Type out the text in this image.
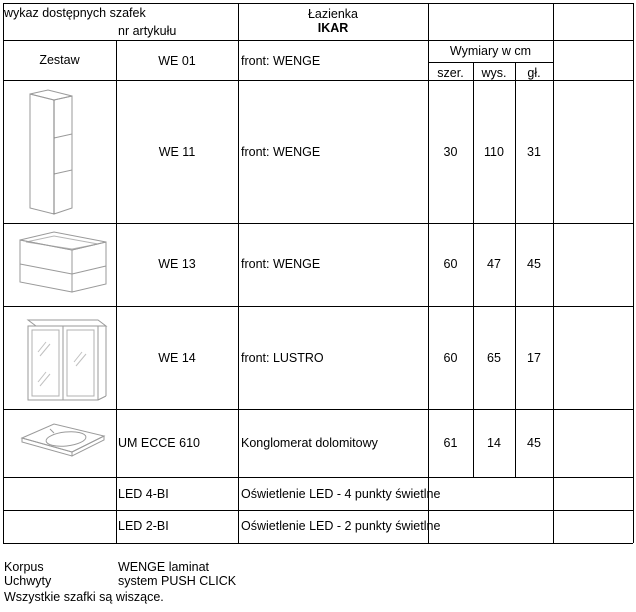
wykaz dostępnych szafek
nr artykułu
Łazienka
IKAR
Zestaw
Wymiary w cm
szer.	wys.	gł.
WE 01	front: WENGE
WE 11	front: WENGE	30	110	31
WE 13	front: WENGE	60	47	45
WE 14	front: LUSTRO	60	65	17
UM ECCE 610	Konglomerat dolomitowy	61	14	45
LED 4-BI	Oświetlenie LED - 4 punkty świetlne
LED 2-BI	Oświetlenie LED - 2 punkty świetlne
Korpus	WENGE laminat
Uchwyty	system PUSH CLICK
Wszystkie szafki są wiszące.
